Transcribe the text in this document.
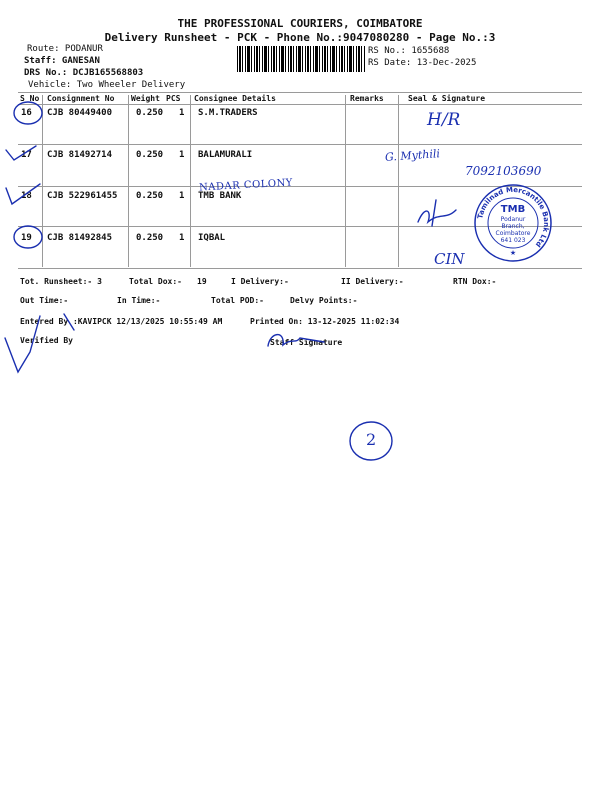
THE PROFESSIONAL COURIERS, COIMBATORE
Delivery Runsheet - PCK - Phone No.:9047080280 - Page No.:3
Route: PODANUR
Staff: GANESAN
DRS No.: DCJB165568803
Vehicle: Two Wheeler Delivery
RS No.: 1655688
RS Date: 13-Dec-2025
S No Consignment No Weight PCS Consignee Details	Remarks	Seal & Signature
16 CJB 80449400	0.250 1 S.M.TRADERS
17 CJB 81492714	0.250 1 BALAMURALI
18 CJB 522961455 0.250 1 TMB BANK
19 CJB 81492845	0.250 1 IQBAL
Tot. Runsheet:- 3	Total Dox:- 19	I Delivery:-	II Delivery:-	RTN Dox:-
Out Time:-	In Time:-	Total POD:-	Delvy Points:-
Entered By :KAVIPCK 12/13/2025 10:55:49 AM	Printed On: 13-12-2025 11:02:34
Verified By	Staff Signature
H/R
G. Mythili
7092103690
NADAR COLONY
CIN
2
Tamilnad Mercantile Bank Ltd
★
TMB
Podanur
Branch,
Coimbatore
641 023
